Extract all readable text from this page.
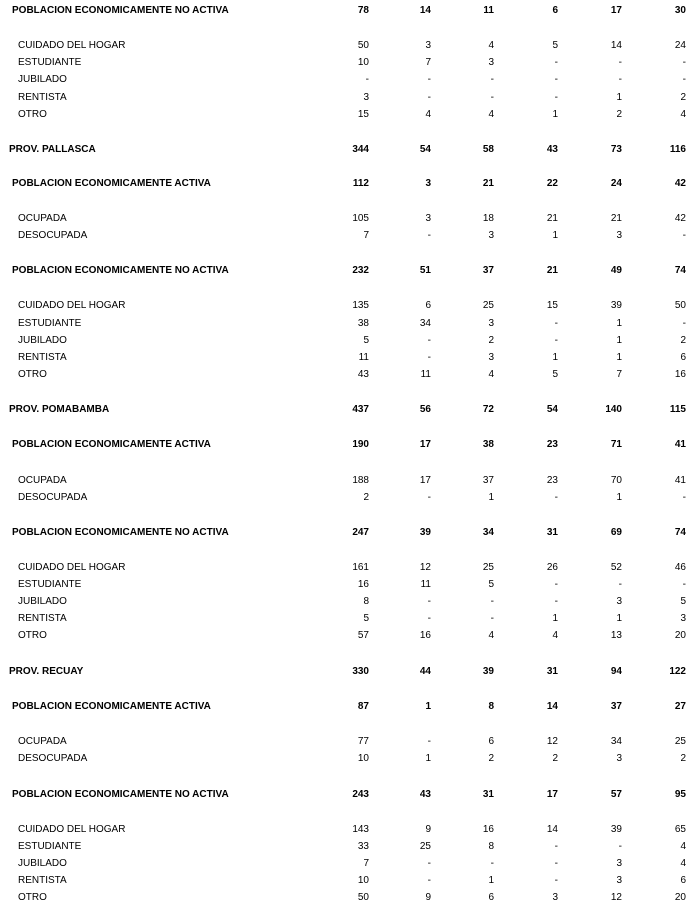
POBLACION ECONOMICAMENTE NO ACTIVA	78	14	11	6	17	30
CUIDADO DEL HOGAR	50	3	4	5	14	24
ESTUDIANTE	10	7	3	-	-	-
JUBILADO	-	-	-	-	-	-
RENTISTA	3	-	-	-	1	2
OTRO	15	4	4	1	2	4
PROV. PALLASCA	344	54	58	43	73	116
POBLACION ECONOMICAMENTE ACTIVA	112	3	21	22	24	42
OCUPADA	105	3	18	21	21	42
DESOCUPADA	7	-	3	1	3	-
POBLACION ECONOMICAMENTE NO ACTIVA	232	51	37	21	49	74
CUIDADO DEL HOGAR	135	6	25	15	39	50
ESTUDIANTE	38	34	3	-	1	-
JUBILADO	5	-	2	-	1	2
RENTISTA	11	-	3	1	1	6
OTRO	43	11	4	5	7	16
PROV. POMABAMBA	437	56	72	54	140	115
POBLACION ECONOMICAMENTE ACTIVA	190	17	38	23	71	41
OCUPADA	188	17	37	23	70	41
DESOCUPADA	2	-	1	-	1	-
POBLACION ECONOMICAMENTE NO ACTIVA	247	39	34	31	69	74
CUIDADO DEL HOGAR	161	12	25	26	52	46
ESTUDIANTE	16	11	5	-	-	-
JUBILADO	8	-	-	-	3	5
RENTISTA	5	-	-	1	1	3
OTRO	57	16	4	4	13	20
PROV. RECUAY	330	44	39	31	94	122
POBLACION ECONOMICAMENTE ACTIVA	87	1	8	14	37	27
OCUPADA	77	-	6	12	34	25
DESOCUPADA	10	1	2	2	3	2
POBLACION ECONOMICAMENTE NO ACTIVA	243	43	31	17	57	95
CUIDADO DEL HOGAR	143	9	16	14	39	65
ESTUDIANTE	33	25	8	-	-	4
JUBILADO	7	-	-	-	3	4
RENTISTA	10	-	1	-	3	6
OTRO	50	9	6	3	12	20
